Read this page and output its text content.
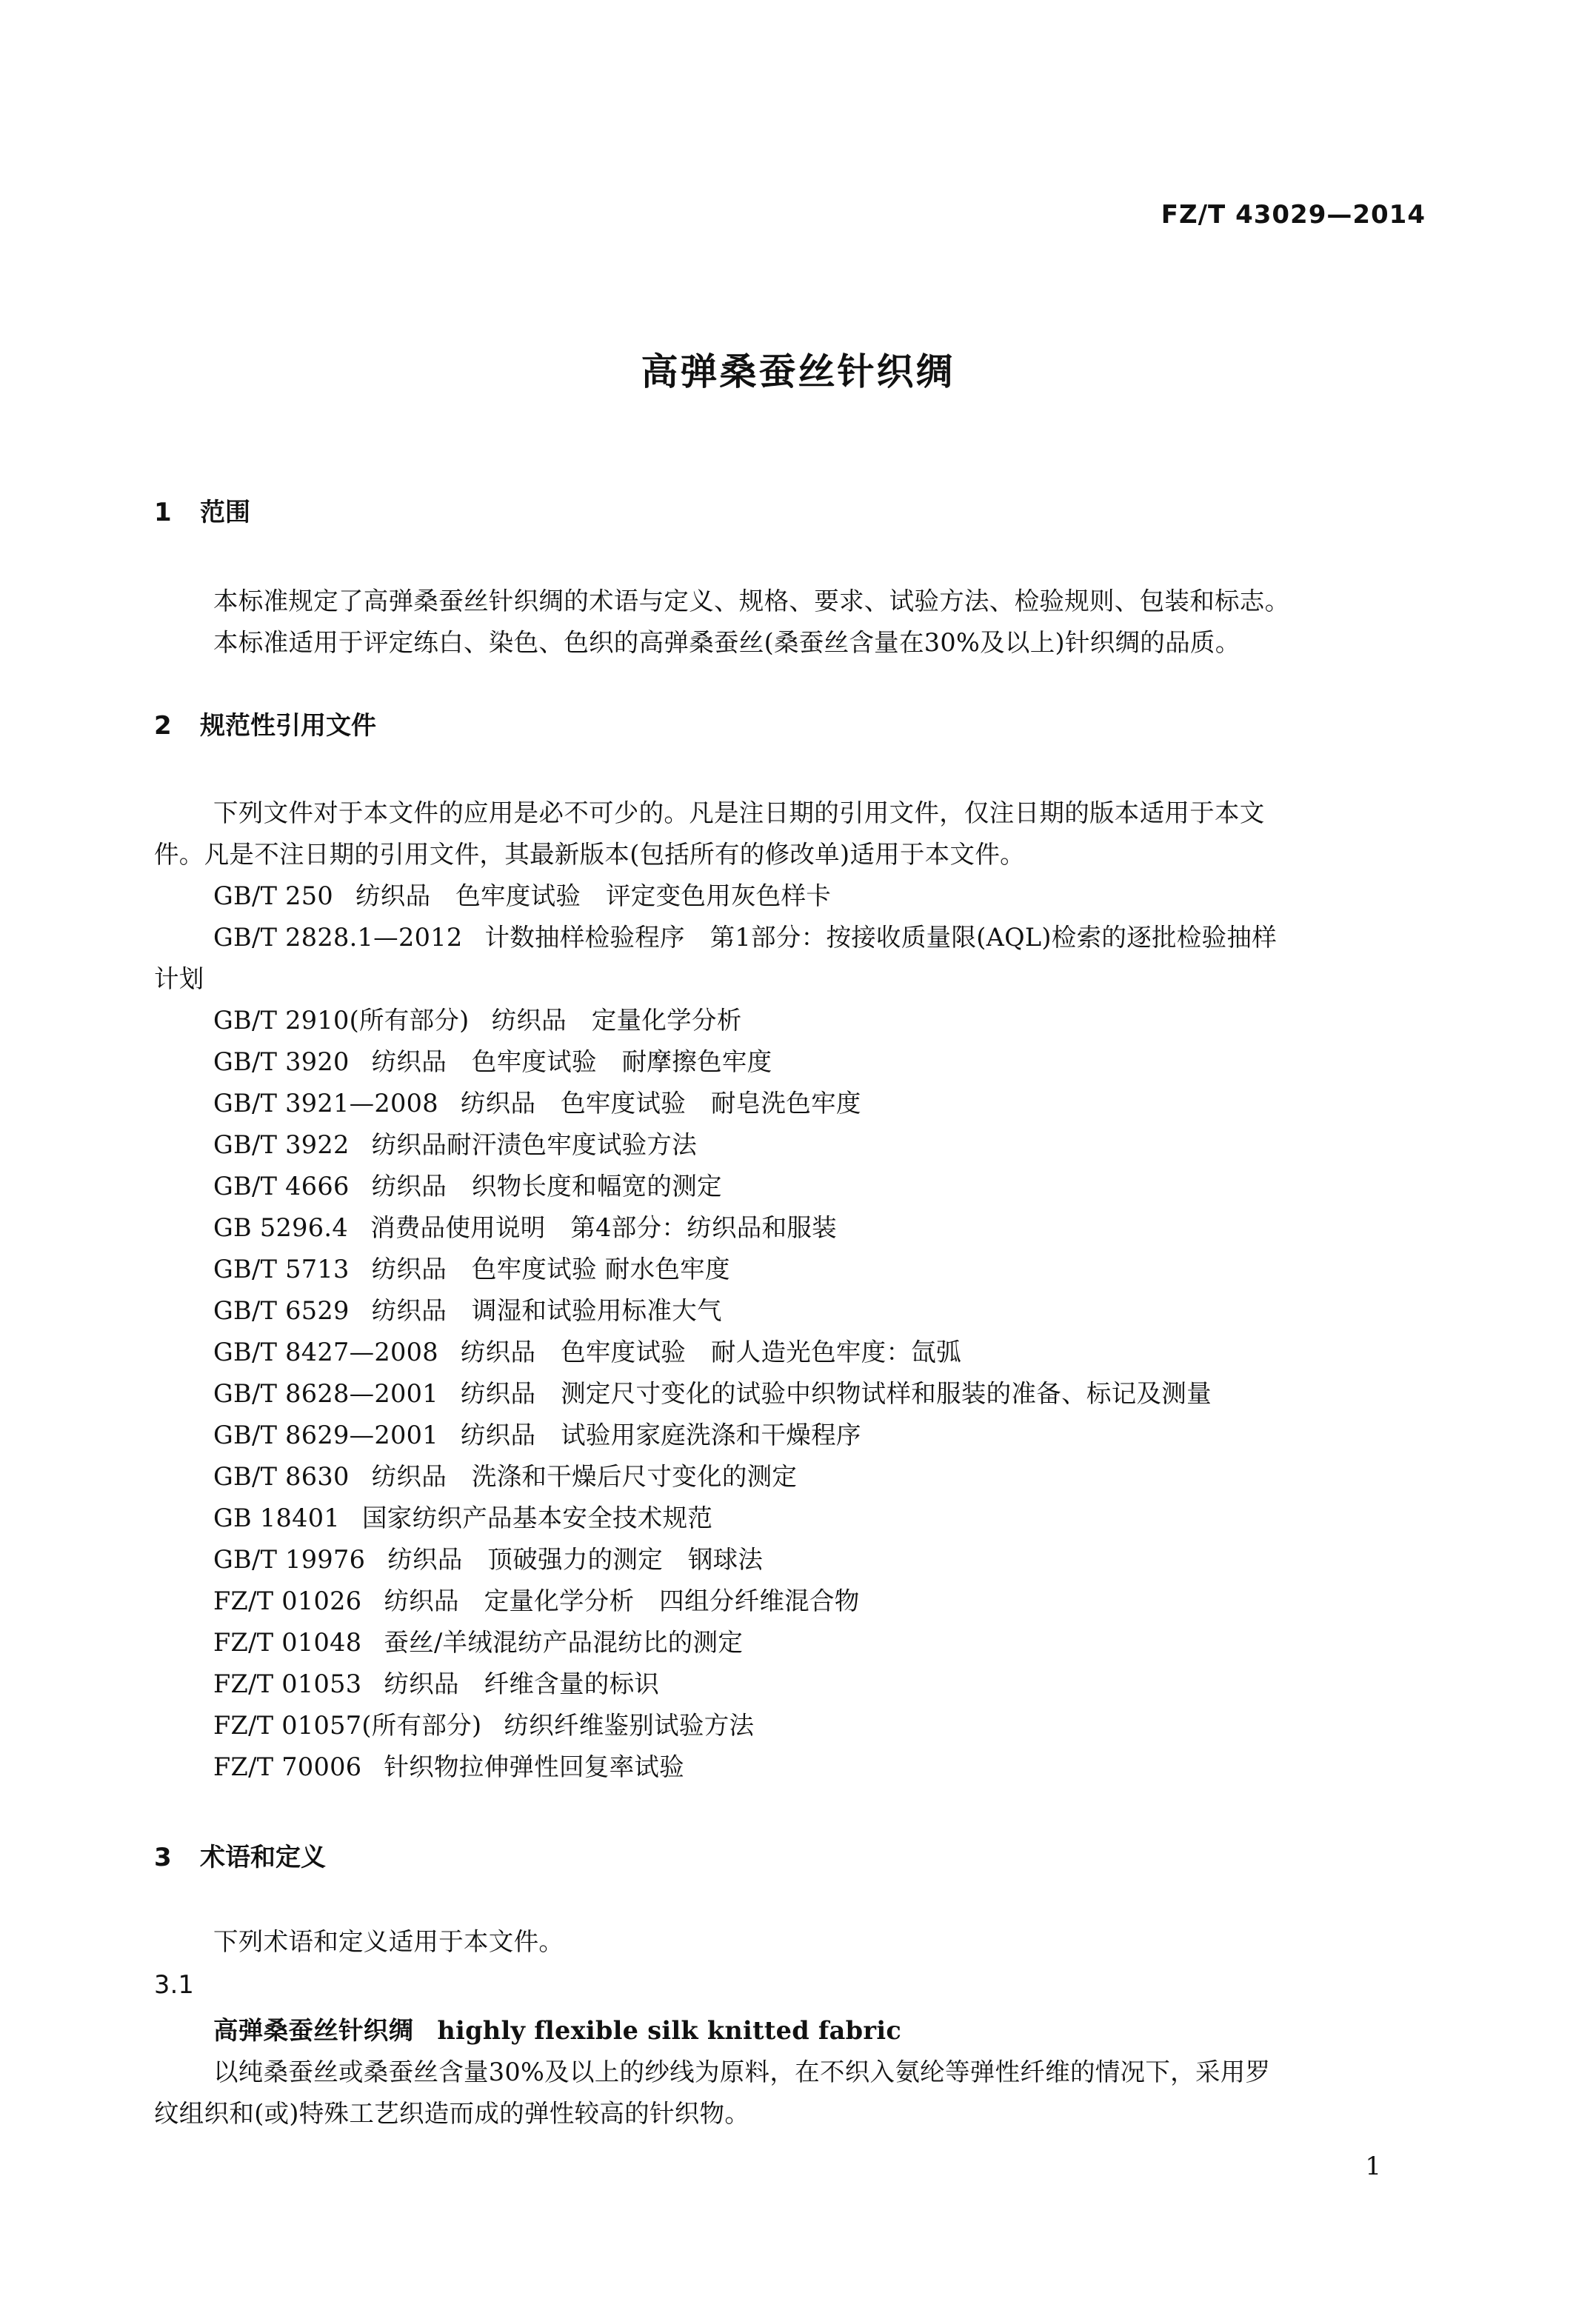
FZ/T 43029—2014
高弹桑蚕丝针织绸
1 范围
本标准规定了高弹桑蚕丝针织绸的术语与定义、规格、要求、试验方法、检验规则、包装和标志。
本标准适用于评定练白、染色、色织的高弹桑蚕丝(桑蚕丝含量在30%及以上)针织绸的品质。
2 规范性引用文件
下列文件对于本文件的应用是必不可少的。凡是注日期的引用文件，仅注日期的版本适用于本文
件。凡是不注日期的引用文件，其最新版本(包括所有的修改单)适用于本文件。
GB/T 250 纺织品　色牢度试验　评定变色用灰色样卡
GB/T 2828.1—2012 计数抽样检验程序　第1部分：按接收质量限(AQL)检索的逐批检验抽样
计划
GB/T 2910(所有部分) 纺织品　定量化学分析
GB/T 3920 纺织品　色牢度试验　耐摩擦色牢度
GB/T 3921—2008 纺织品　色牢度试验　耐皂洗色牢度
GB/T 3922 纺织品耐汗渍色牢度试验方法
GB/T 4666 纺织品　织物长度和幅宽的测定
GB 5296.4 消费品使用说明　第4部分：纺织品和服装
GB/T 5713 纺织品　色牢度试验 耐水色牢度
GB/T 6529 纺织品　调湿和试验用标准大气
GB/T 8427—2008 纺织品　色牢度试验　耐人造光色牢度：氙弧
GB/T 8628—2001 纺织品　测定尺寸变化的试验中织物试样和服装的准备、标记及测量
GB/T 8629—2001 纺织品　试验用家庭洗涤和干燥程序
GB/T 8630 纺织品　洗涤和干燥后尺寸变化的测定
GB 18401 国家纺织产品基本安全技术规范
GB/T 19976 纺织品　顶破强力的测定　钢球法
FZ/T 01026 纺织品　定量化学分析　四组分纤维混合物
FZ/T 01048 蚕丝/羊绒混纺产品混纺比的测定
FZ/T 01053 纺织品　纤维含量的标识
FZ/T 01057(所有部分) 纺织纤维鉴别试验方法
FZ/T 70006 针织物拉伸弹性回复率试验
3 术语和定义
下列术语和定义适用于本文件。
3.1
高弹桑蚕丝针织绸 highly flexible silk knitted fabric
以纯桑蚕丝或桑蚕丝含量30%及以上的纱线为原料，在不织入氨纶等弹性纤维的情况下，采用罗
纹组织和(或)特殊工艺织造而成的弹性较高的针织物。
1
